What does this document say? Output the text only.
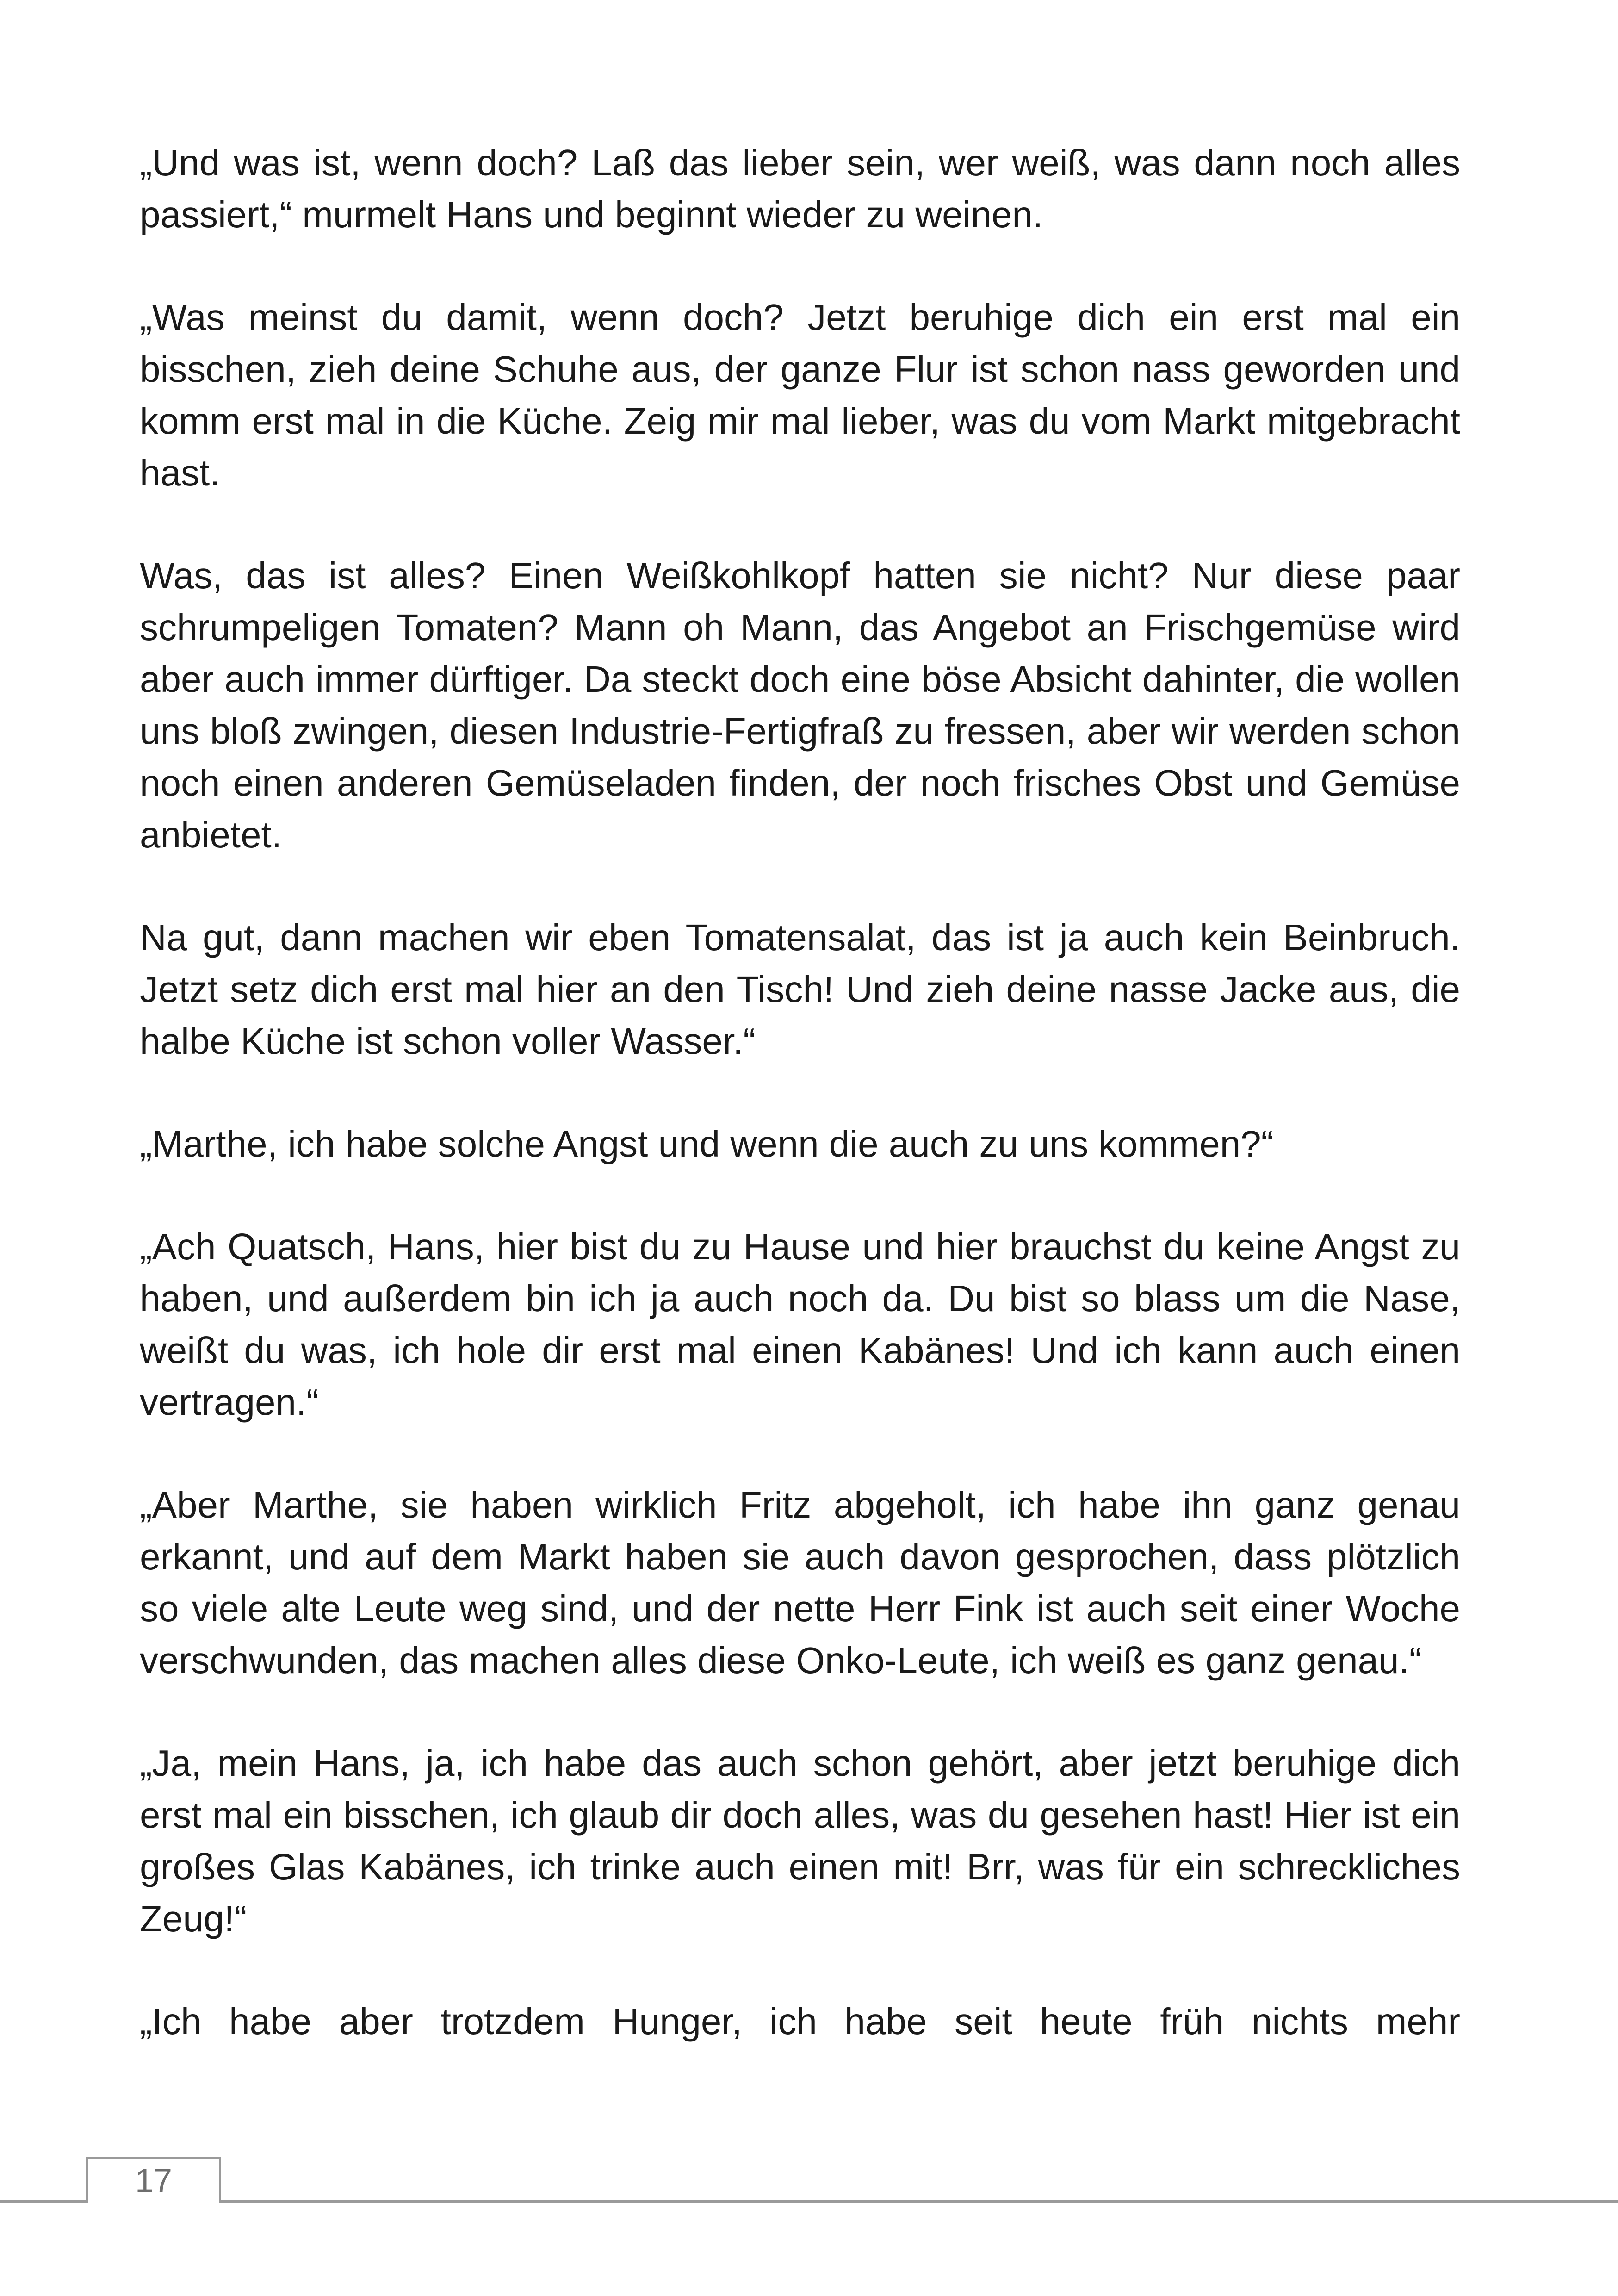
„Und was ist, wenn doch? Laß das lieber sein, wer weiß, was dann noch alles passiert,“ murmelt Hans und beginnt wieder zu weinen.

„Was meinst du damit, wenn doch? Jetzt beruhige dich ein erst mal ein bisschen, zieh deine Schuhe aus, der ganze Flur ist schon nass geworden und komm erst mal in die Küche. Zeig mir mal lieber, was du vom Markt mitgebracht hast.

Was, das ist alles? Einen Weißkohlkopf hatten sie nicht? Nur diese paar schrumpeligen Tomaten? Mann oh Mann, das Angebot an Frischgemüse wird aber auch immer dürftiger. Da steckt doch eine böse Absicht dahinter, die wollen uns bloß zwingen, diesen Industrie-Fertigfraß zu fressen, aber wir werden schon noch einen anderen Gemüseladen finden, der noch frisches Obst und Gemüse anbietet.

Na gut, dann machen wir eben Tomatensalat, das ist ja auch kein Beinbruch. Jetzt setz dich erst mal hier an den Tisch! Und zieh deine nasse Jacke aus, die halbe Küche ist schon voller Wasser.“

„Marthe, ich habe solche Angst und wenn die auch zu uns kommen?“

„Ach Quatsch, Hans, hier bist du zu Hause und hier brauchst du keine Angst zu haben, und außerdem bin ich ja auch noch da. Du bist so blass um die Nase, weißt du was, ich hole dir erst mal einen Kabänes! Und ich kann auch einen vertragen.“

„Aber Marthe, sie haben wirklich Fritz abgeholt, ich habe ihn ganz genau erkannt, und auf dem Markt haben sie auch davon gesprochen, dass plötzlich so viele alte Leute weg sind, und der nette Herr Fink ist auch seit einer Woche verschwunden, das machen alles diese Onko-Leute, ich weiß es ganz genau.“

„Ja, mein Hans, ja, ich habe das auch schon gehört, aber jetzt beruhige dich erst mal ein bisschen, ich glaub dir doch alles, was du gesehen hast! Hier ist ein großes Glas Kabänes, ich trinke auch einen mit! Brr, was für ein schreckliches Zeug!“

„Ich habe aber trotzdem Hunger, ich habe seit heute früh nichts mehr

17
